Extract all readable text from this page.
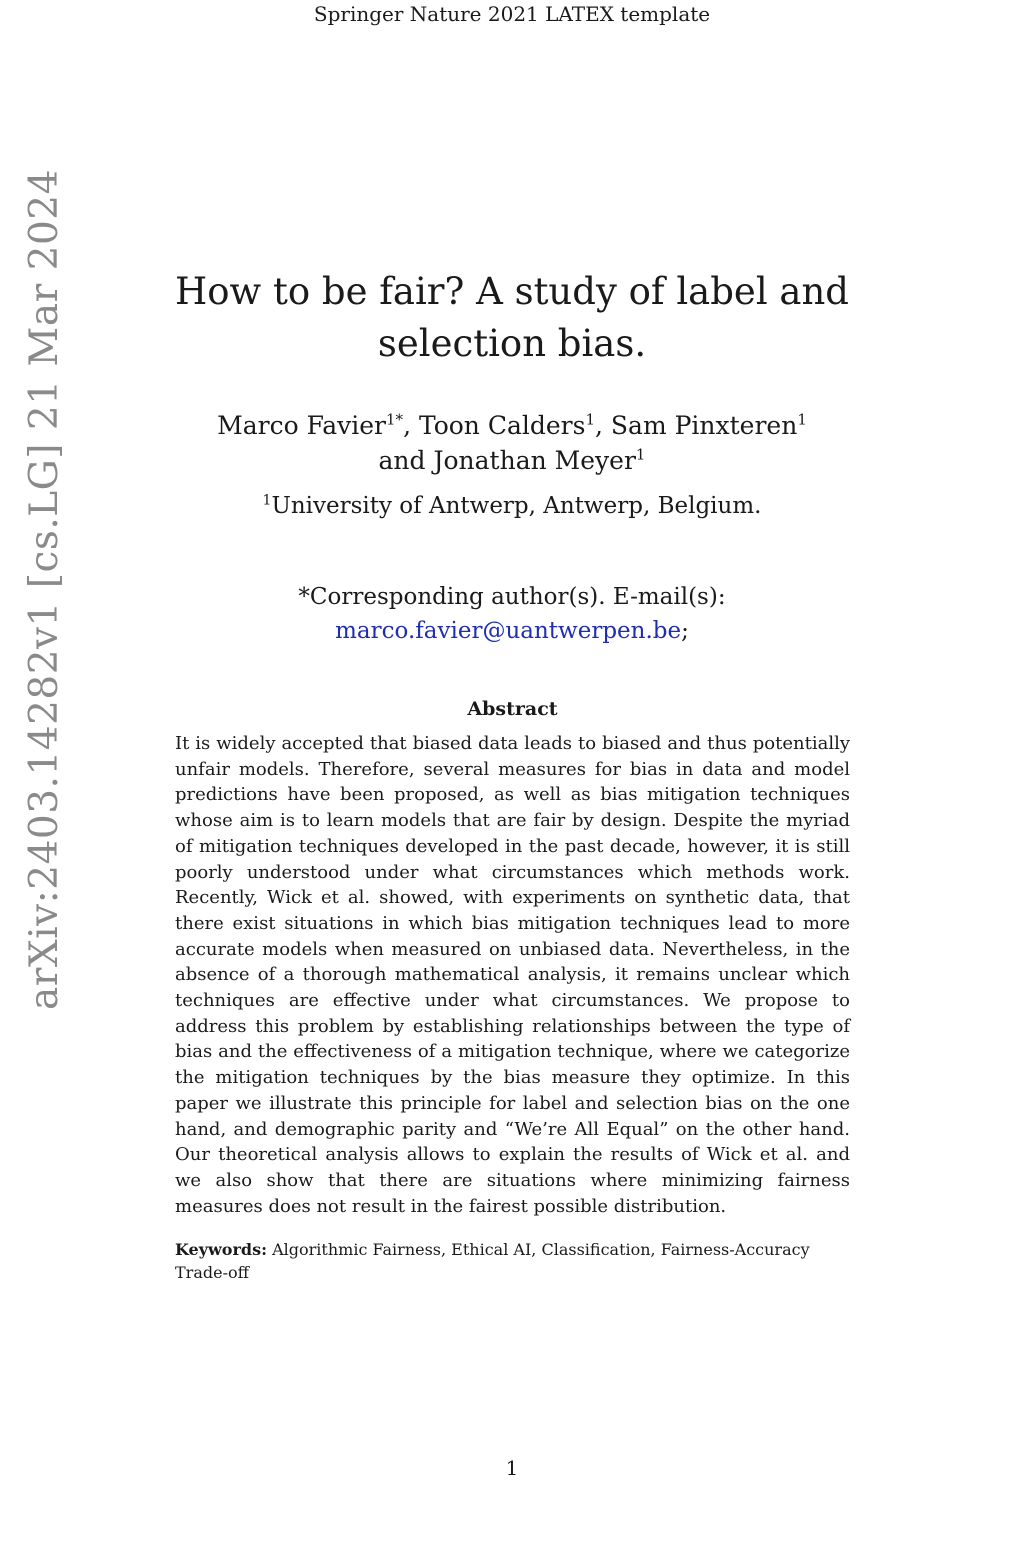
Springer Nature 2021 LATEX template
arXiv:2403.14282v1 [cs.LG] 21 Mar 2024	How to be fair? A study of label and
selection bias.
Marco Favier$^{1*}$, Toon Calders$^1$, Sam Pinxteren$^1$
and Jonathan Meyer$^1$
$^1$University of Antwerp, Antwerp, Belgium.
*Corresponding author(s). E-mail(s):
marco.favier@uantwerpen.be;
Abstract
It is widely accepted that biased data leads to biased and thus potentially unfair models. Therefore, several measures for bias in data and model predictions have been proposed, as well as bias mitigation techniques whose aim is to learn models that are fair by design. Despite the myriad of mitigation techniques developed in the past decade, however, it is still poorly understood under what circumstances which methods work. Recently, Wick et al. showed, with experiments on synthetic data, that there exist situations in which bias mitigation techniques lead to more accurate models when measured on unbiased data. Nevertheless, in the absence of a thorough mathematical analysis, it remains unclear which techniques are effective under what circumstances. We propose to address this problem by establishing relationships between the type of bias and the effectiveness of a mitigation technique, where we categorize the mitigation techniques by the bias measure they optimize. In this paper we illustrate this principle for label and selection bias on the one hand, and demographic parity and “We’re All Equal” on the other hand. Our theoretical analysis allows to explain the results of Wick et al. and we also show that there are situations where minimizing fairness measures does not result in the fairest possible distribution.
Keywords: Algorithmic Fairness, Ethical AI, Classification, Fairness-Accuracy Trade-off
1
